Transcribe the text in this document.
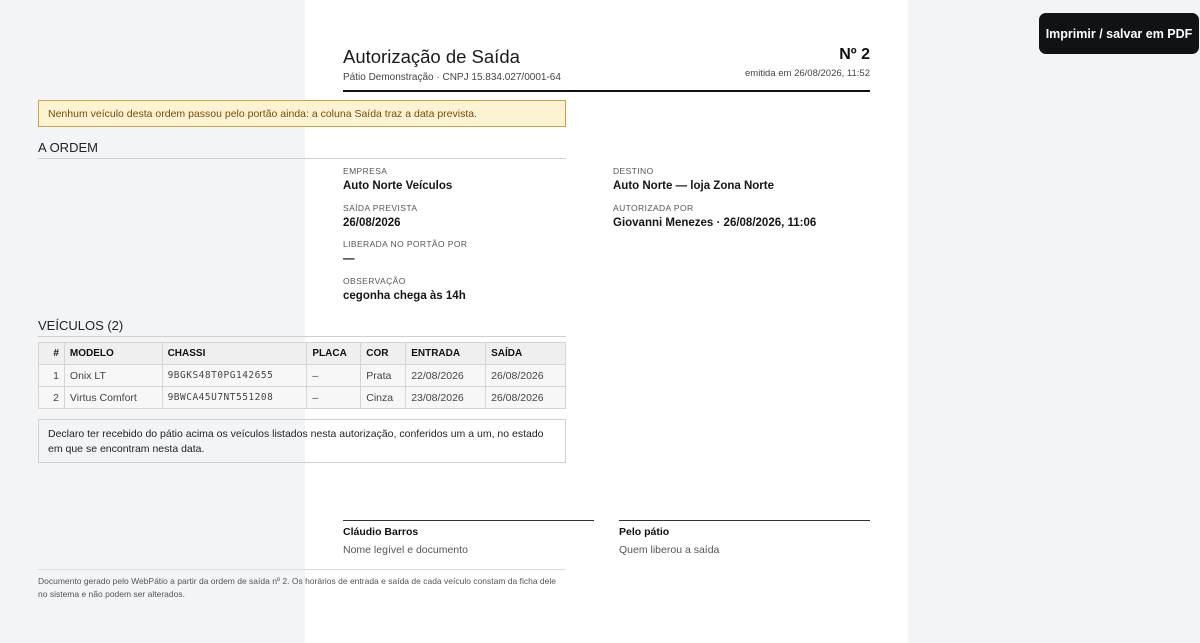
Imprimir / salvar em PDF
Autorização de Saída
Pátio Demonstração · CNPJ 15.834.027/0001-64
Nº 2
emitida em 26/08/2026, 11:52
Nenhum veículo desta ordem passou pelo portão ainda: a coluna Saída traz a data prevista.
A ORDEM
EMPRESA
Auto Norte Veículos
DESTINO
Auto Norte — loja Zona Norte
SAÍDA PREVISTA
26/08/2026
AUTORIZADA POR
Giovanni Menezes · 26/08/2026, 11:06
LIBERADA NO PORTÃO POR
—
OBSERVAÇÃO
cegonha chega às 14h
VEÍCULOS (2)
#	MODELO	CHASSI	PLACA	COR	ENTRADA	SAÍDA
1	Onix LT	9BGKS48T0PG142655	–	Prata	22/08/2026	26/08/2026
2	Virtus Comfort	9BWCA45U7NT551208	–	Cinza	23/08/2026	26/08/2026
Declaro ter recebido do pátio acima os veículos listados nesta autorização, conferidos um a um, no estado em que se encontram nesta data.
Cláudio Barros
Nome legível e documento
Pelo pátio
Quem liberou a saída
Documento gerado pelo WebPátio a partir da ordem de saída nº 2. Os horários de entrada e saída de cada veículo constam da ficha dele no sistema e não podem ser alterados.
